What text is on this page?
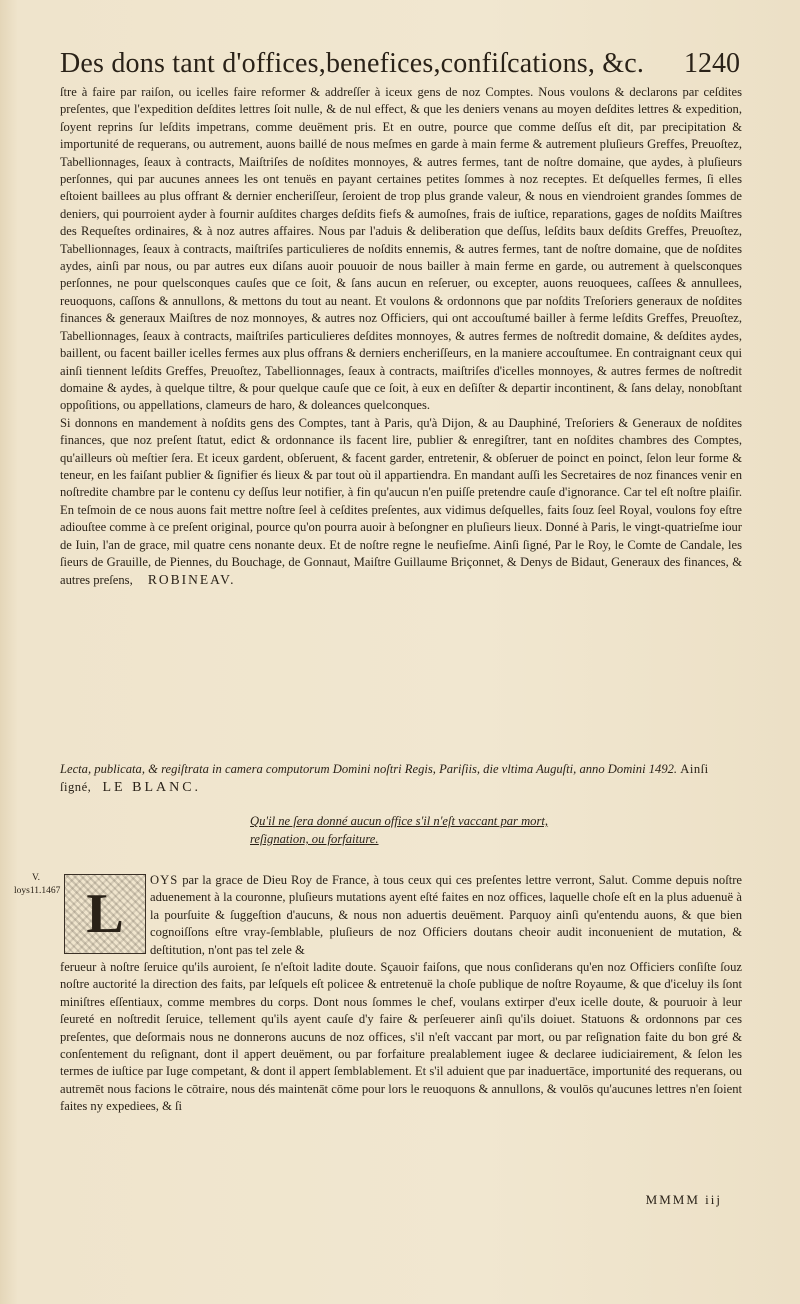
Des dons tant d'offices,benefices,confiſcations, &c. 1240

ſtre à faire par raiſon, ou icelles faire reformer & addreſſer à iceux gens de noz Comptes. Nous voulons & declarons par ceſdites preſentes, que l'expedition deſdites lettres ſoit nulle, & de nul effect, & que les deniers venans au moyen deſdites lettres & expedition, ſoyent reprins ſur leſdits impetrans, comme deuëment pris. Et en outre, pource que comme deſſus eſt dit, par precipitation & importunité de requerans, ou autrement, auons baillé de nous meſmes en garde à main ferme & autrement pluſieurs Greffes, Preuoſtez, Tabellionnages, ſeaux à contracts, Maiſtriſes de noſdites monnoyes, & autres fermes, tant de noſtre domaine, que aydes, à pluſieurs perſonnes, qui par aucunes annees les ont tenuës en payant certaines petites ſommes à noz receptes. Et deſquelles fermes, ſi elles eſtoient baillees au plus offrant & dernier encheriſſeur, ſeroient de trop plus grande valeur, & nous en viendroient grandes ſommes de deniers, qui pourroient ayder à fournir auſdites charges deſdits fiefs & aumoſnes, frais de iuſtice, reparations, gages de noſdits Maiſtres des Requeſtes ordinaires, & à noz autres affaires. Nous par l'aduis & deliberation que deſſus, leſdits baux deſdits Greffes, Preuoſtez, Tabellionnages, ſeaux à contracts, maiſtriſes particulieres de noſdits ennemis, & autres fermes, tant de noſtre domaine, que de noſdites aydes, ainſi par nous, ou par autres eux diſans auoir pouuoir de nous bailler à main ferme en garde, ou autrement à quelsconques perſonnes, ne pour quelsconques cauſes que ce ſoit, & ſans aucun en reſeruer, ou excepter, auons reuoquees, caſſees & annullees, reuoquons, caſſons & annullons, & mettons du tout au neant. Et voulons & ordonnons que par noſdits Treſoriers generaux de noſdites finances & generaux Maiſtres de noz monnoyes, & autres noz Officiers, qui ont accouſtumé bailler à ferme leſdits Greffes, Preuoſtez, Tabellionnages, ſeaux à contracts, maiſtriſes particulieres deſdites monnoyes, & autres fermes de noſtredit domaine, & deſdites aydes, baillent, ou facent bailler icelles fermes aux plus offrans & derniers encheriſſeurs, en la maniere accouſtumee. En contraignant ceux qui ainſi tiennent leſdits Greffes, Preuoſtez, Tabellionnages, ſeaux à contracts, maiſtriſes d'icelles monnoyes, & autres fermes de noſtredit domaine & aydes, à quelque tiltre, & pour quelque cauſe que ce ſoit, à eux en deſiſter & departir incontinent, & ſans delay, nonobſtant oppoſitions, ou appellations, clameurs de haro, & doleances quelconques.

Si donnons en mandement à noſdits gens des Comptes, tant à Paris, qu'à Dijon, & au Dauphiné, Treſoriers & Generaux de noſdites finances, que noz preſent ſtatut, edict & ordonnance ils facent lire, publier & enregiſtrer, tant en noſdites chambres des Comptes, qu'ailleurs où meſtier ſera. Et iceux gardent, obſeruent, & facent garder, entretenir, & obſeruer de poinct en poinct, ſelon leur forme & teneur, en les faiſant publier & ſignifier és lieux & par tout où il appartiendra. En mandant auſſi les Secretaires de noz finances venir en noſtredite chambre par le contenu cy deſſus leur notifier, à fin qu'aucun n'en puiſſe pretendre cauſe d'ignorance. Car tel eſt noſtre plaiſir. En teſmoin de ce nous auons fait mettre noſtre ſeel à ceſdites preſentes, aux vidimus deſquelles, faits ſouz ſeel Royal, voulons foy eſtre adiouſtee comme à ce preſent original, pource qu'on pourra auoir à beſongner en pluſieurs lieux. Donné à Paris, le vingt-quatrieſme iour de Iuin, l'an de grace, mil quatre cens nonante deux. Et de noſtre regne le neufieſme. Ainſi ſigné, Par le Roy, le Comte de Candale, les ſieurs de Grauille, de Piennes, du Bouchage, de Gonnaut, Maiſtre Guillaume Briçonnet, & Denys de Bidaut, Generaux des finances, & autres preſens, ROBINEAV.

Lecta, publicata, & regiſtrata in camera computorum Domini noſtri Regis, Pariſiis, die vltima Auguſti, anno Domini 1492. Ainſi ſigné, LE BLANC.
Qu'il ne ſera donné aucun office s'il n'eſt vaccant par mort, reſignation, ou forfaiture.
V.
loys11.1467 L
OYS par la grace de Dieu Roy de France, à tous ceux qui ces preſentes lettre verront, Salut. Comme depuis noſtre aduenement à la couronne, pluſieurs mutations ayent eſté faites en noz offices, laquelle choſe eſt en la plus aduenuë à la pourſuite & ſuggeſtion d'aucuns, & nous non aduertis deuëment. Parquoy ainſi qu'entendu auons, & que bien cognoiſſons eſtre vray-ſemblable, pluſieurs de noz Officiers doutans cheoir audit inconuenient de mutation, & deſtitution, n'ont pas tel zele &
ferueur à noſtre ſeruice qu'ils auroient, ſe n'eſtoit ladite doute. Sçauoir faiſons, que nous conſiderans qu'en noz Officiers conſiſte ſouz noſtre auctorité la direction des faits, par leſquels eſt policee & entretenuë la choſe publique de noſtre Royaume, & que d'iceluy ils ſont miniſtres eſſentiaux, comme membres du corps. Dont nous ſommes le chef, voulans extirper d'eux icelle doute, & pouruoir à leur ſeureté en noſtredit ſeruice, tellement qu'ils ayent cauſe d'y faire & perſeuerer ainſi qu'ils doiuet. Statuons & ordonnons par ces preſentes, que deſormais nous ne donnerons aucuns de noz offices, s'il n'eſt vaccant par mort, ou par reſignation faite du bon gré & conſentement du reſignant, dont il appert deuëment, ou par forfaiture prealablement iugee & declaree iudiciairement, & ſelon les termes de iuſtice par Iuge competant, & dont il appert ſemblablement. Et s'il aduient que par inaduertāce, importunité des requerans, ou autremēt nous facions le cōtraire, nous dés maintenāt cōme pour lors le reuoquons & annullons, & voulōs qu'aucunes lettres n'en ſoient faites ny expediees, & ſi
MMMM iij
